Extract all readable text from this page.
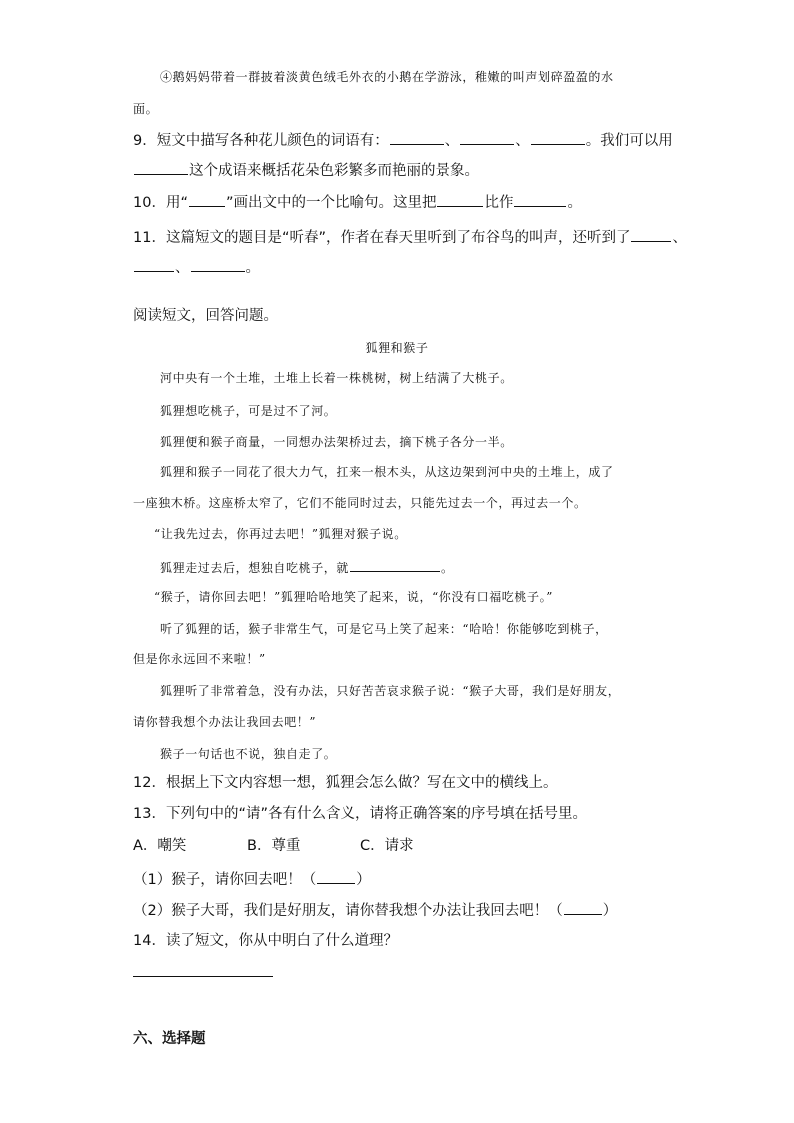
④鹅妈妈带着一群披着淡黄色绒毛外衣的小鹅在学游泳，稚嫩的叫声划碎盈盈的水
面。
9．短文中描写各种花儿颜色的词语有：	、	、	。我们可以用
这个成语来概括花朵色彩繁多而艳丽的景象。
10．用“	”画出文中的一个比喻句。这里把	比作	。
11．这篇短文的题目是“听春”，作者在春天里听到了布谷鸟的叫声，还听到了	、
、	。
阅读短文，回答问题。
狐狸和猴子
河中央有一个土堆，土堆上长着一株桃树，树上结满了大桃子。
狐狸想吃桃子，可是过不了河。
狐狸便和猴子商量，一同想办法架桥过去，摘下桃子各分一半。
狐狸和猴子一同花了很大力气，扛来一根木头，从这边架到河中央的土堆上，成了
一座独木桥。这座桥太窄了，它们不能同时过去，只能先过去一个，再过去一个。
“让我先过去，你再过去吧！”狐狸对猴子说。
狐狸走过去后，想独自吃桃子，就	。
“猴子，请你回去吧！”狐狸哈哈地笑了起来，说，“你没有口福吃桃子。”
听了狐狸的话，猴子非常生气，可是它马上笑了起来：“哈哈！你能够吃到桃子，
但是你永远回不来啦！”
狐狸听了非常着急，没有办法，只好苦苦哀求猴子说：“猴子大哥，我们是好朋友，
请你替我想个办法让我回去吧！”
猴子一句话也不说，独自走了。
12．根据上下文内容想一想，狐狸会怎么做？写在文中的横线上。
13．下列句中的“请”各有什么含义，请将正确答案的序号填在括号里。
A．嘲笑	B．尊重	C．请求
（1）猴子，请你回去吧！（	）
（2）猴子大哥，我们是好朋友，请你替我想个办法让我回去吧！（	）
14．读了短文，你从中明白了什么道理？
六、选择题
